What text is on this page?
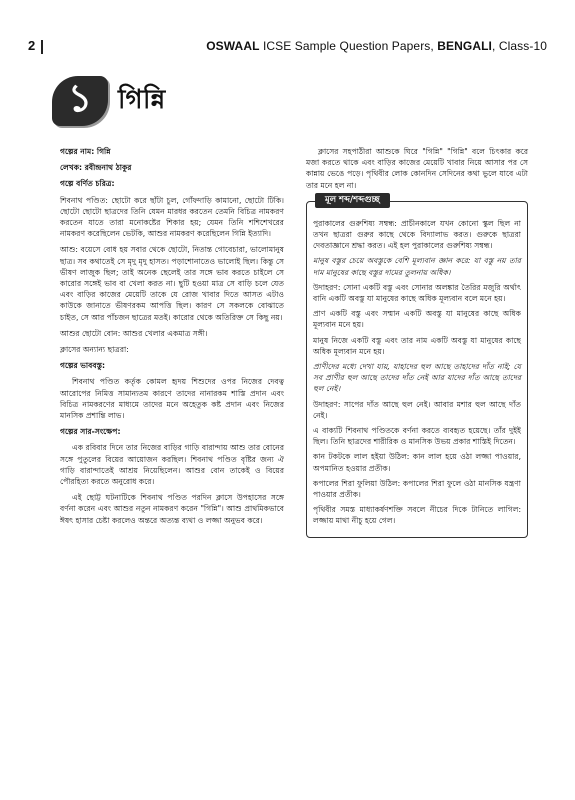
2	OSWAAL ICSE Sample Question Papers, BENGALI, Class-10
১ গিন্নি

গল্পের নাম: গিন্নি

লেখক: রবীন্দ্রনাথ ঠাকুর

গল্পে বর্ণিত চরিত্র:

শিবনাথ পণ্ডিত: ছোটো করে ছাঁটা চুল, গোঁফদাড়ি কামানো, ছোটো টিকি। ছোটো ছোটো ছাত্রদের তিনি যেমন মারধর করতেন তেমনি বিচিত্র নামকরণ করতেন যাতে তারা মনোকষ্টের শিকার হয়; যেমন তিনি শশিশেখরের নামকরণ করেছিলেন ভেটকি, আশুর নামকরণ করেছিলেন গিন্নি ইত্যাদি।

আশু: বয়েসে বোধ হয় সবার থেকে ছোটো, নিতান্ত গোবেচারা, ভালোমানুষ ছাত্র। সব কথাতেই সে মৃদু মৃদু হাসত। পড়াশোনাতেও ভালোই ছিল। কিন্তু সে ভীষণ লাজুক ছিল; তাই অনেক ছেলেই তার সঙ্গে ভাব করতে চাইলে সে কারোর সঙ্গেই ভাব বা খেলা করত না। ছুটি হওয়া মাত্র সে বাড়ি চলে যেত এবং বাড়ির কাজের মেয়েটি তাকে যে রোজ খাবার দিতে আসত এটাও কাউকে জানাতে ভীষণরকম আপত্তি ছিল। কারণ সে সকলকে বোঝাতে চাইত, সে আর পাঁচজন ছাত্রের মতই। কারোর থেকে অতিরিক্ত সে কিছু নয়।

আশুর ছোটো বোন: আশুর খেলার একমাত্র সঙ্গী।

ক্লাসের অন্যান্য ছাত্ররা:

গল্পের ভাববস্তু:

শিবনাথ পণ্ডিত কর্তৃক কোমল হৃদয় শিশুদের ওপর নিজের দেবত্ব আরোপের নিমিত্ত সামান্যতম কারণে তাদের নানারকম শাস্তি প্রদান এবং বিচিত্র নামকরণের মাধ্যমে তাদের মনে অহেতুক কষ্ট প্রদান এবং নিজের মানসিক প্রশান্তি লাভ।

গল্পের সার-সংক্ষেপ:

এক রবিবার দিনে তার নিজের বাড়ির গাড়ি বারান্দায় আশু তার বোনের সঙ্গে পুতুলের বিয়ের আয়োজন করছিল। শিবনাথ পণ্ডিত বৃষ্টির জন্য ঐ গাড়ি বারান্দাতেই আশ্রয় নিয়েছিলেন। আশুর বোন তাকেই ও বিয়ের পৌরহিত্য করতে অনুরোধ করে।

এই ছোট্ট ঘটনাটিকে শিবনাথ পণ্ডিত পরদিন ক্লাসে উপহাসের সঙ্গে বর্ণনা করেন এবং আশুর নতুন নামকরণ করেন "গিন্নি"। আশু প্রাথমিকভাবে ঈষৎ হাসার চেষ্টা করলেও অন্তরে অত্যন্ত ব্যথা ও লজ্জা অনুভব করে।

ক্লাসের সহপাঠীরা আশুকে ঘিরে "গিন্নি" "গিন্নি" বলে চিৎকার করে মজা করতে থাকে এবং বাড়ির কাজের মেয়েটি খাবার নিয়ে আসার পর সে কান্নায় ভেঙে পড়ে। পৃথিবীর লোক কোনদিন সেদিনের কথা ভুলে যাবে এটা তার মনে হল না।

মূল শব্দ/শব্দগুচ্ছ

পুরাকালের গুরুশিষ্য সম্বন্ধ: প্রাচীনকালে যখন কোনো স্কুল ছিল না তখন ছাত্ররা গুরুর কাছে থেকে বিদ্যালাভ করত। গুরুকে ছাত্ররা দেবতাজ্ঞানে শ্রদ্ধা করত। এই হল পুরাকালের গুরুশিষ্য সম্বন্ধ।

মানুষ বস্তুর চেয়ে অবস্তুকে বেশি মূল্যবান জ্ঞান করে: যা বস্তু নয় তার দাম মানুষের কাছে বস্তুর দামের তুলনায় অধিক।

উদাহরণ: সোনা একটি বস্তু এবং সোনার অলঙ্কার তৈরির মজুরি অর্থাৎ বানি একটি অবস্তু যা মানুষের কাছে অধিক মূল্যবান বলে মনে হয়।

প্রাণ একটি বস্তু এবং সম্মান একটি অবস্তু যা মানুষের কাছে অধিক মূল্যবান মনে হয়।

মানুষ নিজে একটি বস্তু এবং তার নাম একটি অবস্তু যা মানুষের কাছে অধিক মূল্যবান মনে হয়।

প্রাণীদের মধ্যে দেখা যায়, যাহাদের হুল আছে তাহাদের দাঁত নাই; যে সব প্রাণীর হুল আছে তাদের দাঁত নেই আর যাদের দাঁত আছে তাদের হুল নেই।

উদাহরণ: সাপের দাঁত আছে হুল নেই। আবার মশার হুল আছে দাঁত নেই।

এ বাক্যটি শিবনাথ পণ্ডিতকে বর্ণনা করতে ব্যবহৃত হয়েছে। তাঁর দুইই ছিল। তিনি ছাত্রদের শারীরিক ও মানসিক উভয় প্রকার শাস্তিই দিতেন।

কান টকটকে লাল হইয়া উঠিল: কান লাল হয়ে ওঠা লজ্জা পাওয়ার, অপমানিত হওয়ার প্রতীক।

কপালের শিরা ফুলিয়া উঠিল: কপালের শিরা ফুলে ওঠা মানসিক যন্ত্রণা পাওয়ার প্রতীক।

পৃথিবীর সমস্ত মাধ্যাকর্ষণশক্তি সবলে নীচের দিকে টানিতে লাগিল: লজ্জায় মাথা নীচু হয়ে গেল।
